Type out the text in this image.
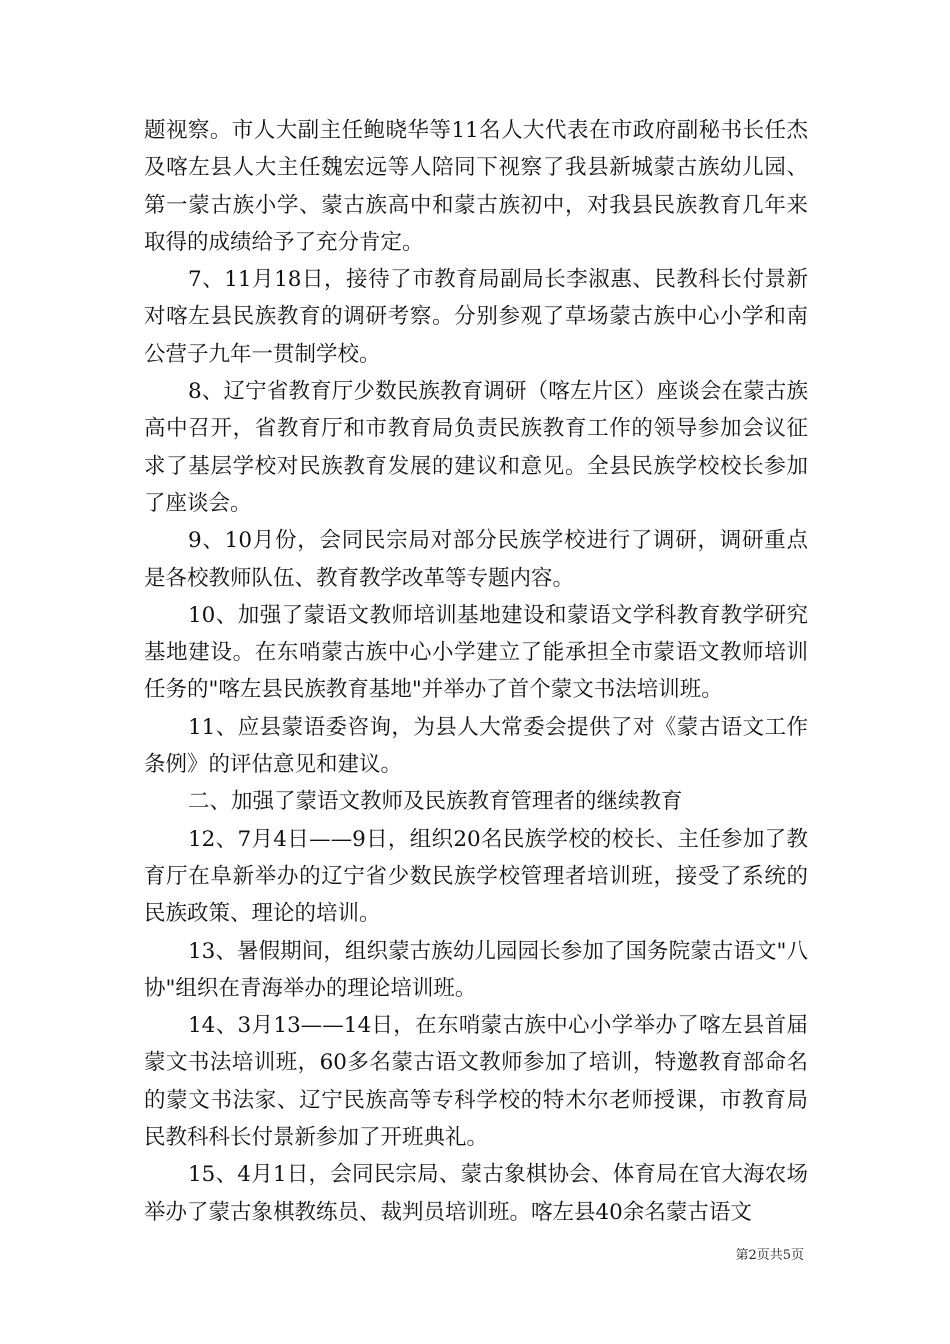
题视察。市人大副主任鲍晓华等11名人大代表在市政府副秘书长任杰及喀左县人大主任魏宏远等人陪同下视察了我县新城蒙古族幼儿园、第一蒙古族小学、蒙古族高中和蒙古族初中，对我县民族教育几年来取得的成绩给予了充分肯定。

7、11月18日，接待了市教育局副局长李淑惠、民教科长付景新对喀左县民族教育的调研考察。分别参观了草场蒙古族中心小学和南公营子九年一贯制学校。

8、辽宁省教育厅少数民族教育调研（喀左片区）座谈会在蒙古族高中召开，省教育厅和市教育局负责民族教育工作的领导参加会议征求了基层学校对民族教育发展的建议和意见。全县民族学校校长参加了座谈会。

9、10月份，会同民宗局对部分民族学校进行了调研，调研重点是各校教师队伍、教育教学改革等专题内容。

10、加强了蒙语文教师培训基地建设和蒙语文学科教育教学研究基地建设。在东哨蒙古族中心小学建立了能承担全市蒙语文教师培训任务的"喀左县民族教育基地"并举办了首个蒙文书法培训班。

11、应县蒙语委咨询，为县人大常委会提供了对《蒙古语文工作条例》的评估意见和建议。

二、加强了蒙语文教师及民族教育管理者的继续教育

12、7月4日——9日，组织20名民族学校的校长、主任参加了教育厅在阜新举办的辽宁省少数民族学校管理者培训班，接受了系统的民族政策、理论的培训。

13、暑假期间，组织蒙古族幼儿园园长参加了国务院蒙古语文"八协"组织在青海举办的理论培训班。

14、3月13——14日，在东哨蒙古族中心小学举办了喀左县首届蒙文书法培训班，60多名蒙古语文教师参加了培训，特邀教育部命名的蒙文书法家、辽宁民族高等专科学校的特木尔老师授课，市教育局民教科科长付景新参加了开班典礼。

15、4月1日，会同民宗局、蒙古象棋协会、体育局在官大海农场举办了蒙古象棋教练员、裁判员培训班。喀左县40余名蒙古语文

第2页共5页
